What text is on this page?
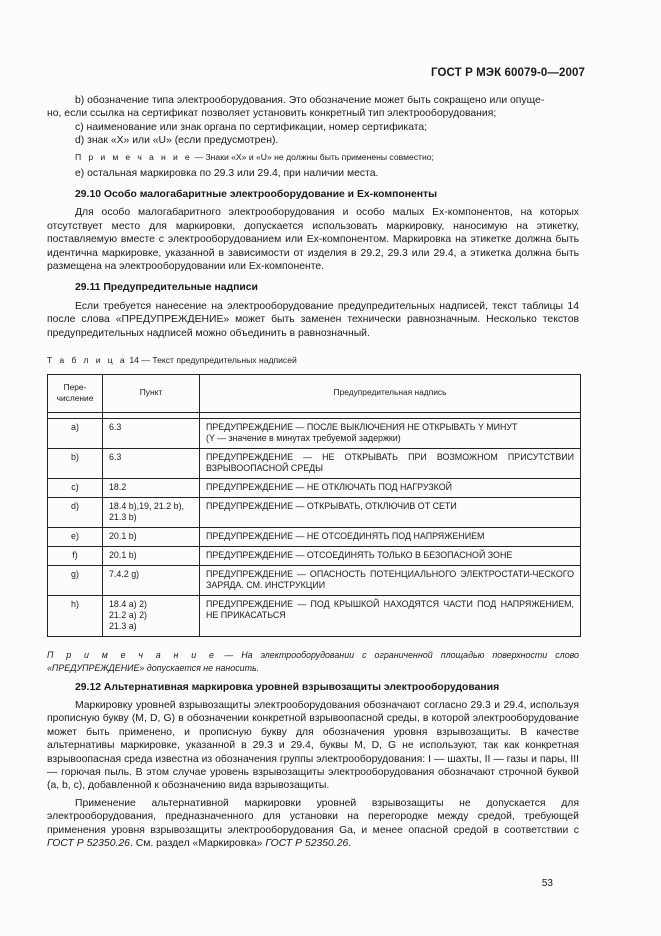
ГОСТ Р МЭК 60079-0—2007

b) обозначение типа электрооборудования. Это обозначение может быть сокращено или опуще-

но, если ссылка на сертификат позволяет установить конкретный тип электрооборудования;

c) наименование или знак органа по сертификации, номер сертификата;

d) знак «X» или «U» (если предусмотрен).

П р и м е ч а н и е — Знаки «X» и «U» не должны быть применены совместно;

e) остальная маркировка по 29.3 или 29.4, при наличии места.

29.10 Особо малогабаритные электрооборудование и Ex-компоненты

Для особо малогабаритного электрооборудования и особо малых Ex-компонентов, на которых отсутствует место для маркировки, допускается использовать маркировку, наносимую на этикетку, поставляемую вместе с электрооборудованием или Ex-компонентом. Маркировка на этикетке должна быть идентична маркировке, указанной в зависимости от изделия в 29.2, 29.3 или 29.4, а этикетка должна быть размещена на электрооборудовании или Ex-компоненте.

29.11 Предупредительные надписи

Если требуется нанесение на электрооборудование предупредительных надписей, текст таблицы 14 после слова «ПРЕДУПРЕЖДЕНИЕ» может быть заменен технически равнозначным. Несколько текстов предупредительных надписей можно объединить в равнозначный.

Т а б л и ц а 14 — Текст предупредительных надписей

Пере-
числение	Пункт	Предупредительная надпись

a)	6.3	ПРЕДУПРЕЖДЕНИЕ — ПОСЛЕ ВЫКЛЮЧЕНИЯ НЕ ОТКРЫВАТЬ Y МИНУТ
(Y — значение в минутах требуемой задержки)
b)	6.3	ПРЕДУПРЕЖДЕНИЕ — НЕ ОТКРЫВАТЬ ПРИ ВОЗМОЖНОМ ПРИСУТСТВИИ ВЗРЫВООПАСНОЙ СРЕДЫ
c)	18.2	ПРЕДУПРЕЖДЕНИЕ — НЕ ОТКЛЮЧАТЬ ПОД НАГРУЗКОЙ
d)	18.4 b),19, 21.2 b),
21.3 b)	ПРЕДУПРЕЖДЕНИЕ — ОТКРЫВАТЬ, ОТКЛЮЧИВ ОТ СЕТИ
e)	20.1 b)	ПРЕДУПРЕЖДЕНИЕ — НЕ ОТСОЕДИНЯТЬ ПОД НАПРЯЖЕНИЕМ
f)	20.1 b)	ПРЕДУПРЕЖДЕНИЕ — ОТСОЕДИНЯТЬ ТОЛЬКО В БЕЗОПАСНОЙ ЗОНЕ
g)	7.4.2 g)	ПРЕДУПРЕЖДЕНИЕ — ОПАСНОСТЬ ПОТЕНЦИАЛЬНОГО ЭЛЕКТРОСТАТИ-ЧЕСКОГО ЗАРЯДА. СМ. ИНСТРУКЦИИ
h)	18.4 a) 2)
21.2 a) 2)
21.3 a)	ПРЕДУПРЕЖДЕНИЕ — ПОД КРЫШКОЙ НАХОДЯТСЯ ЧАСТИ ПОД НАПРЯЖЕНИЕМ, НЕ ПРИКАСАТЬСЯ

П р и м е ч а н и е — На электрооборудовании с ограниченной площадью поверхности слово «ПРЕДУПРЕЖДЕНИЕ» допускается не наносить.

29.12 Альтернативная маркировка уровней взрывозащиты электрооборудования

Маркировку уровней взрывозащиты электрооборудования обозначают согласно 29.3 и 29.4, используя прописную букву (M, D, G) в обозначении конкретной взрывоопасной среды, в которой электрооборудование может быть применено, и прописную букву для обозначения уровня взрывозащиты. В качестве альтернативы маркировке, указанной в 29.3 и 29.4, буквы M, D, G не используют, так как конкретная взрывоопасная среда известна из обозначения группы электрооборудования: I — шахты, II — газы и пары, III — горючая пыль. В этом случае уровень взрывозащиты электрооборудования обозначают строчной буквой (a, b, c), добавленной к обозначению вида взрывозащиты.

Применение альтернативной маркировки уровней взрывозащиты не допускается для электрооборудования, предназначенного для установки на перегородке между средой, требующей применения уровня взрывозащиты электрооборудования Ga, и менее опасной средой в соответствии с ГОСТ Р 52350.26. См. раздел «Маркировка» ГОСТ Р 52350.26.

53
